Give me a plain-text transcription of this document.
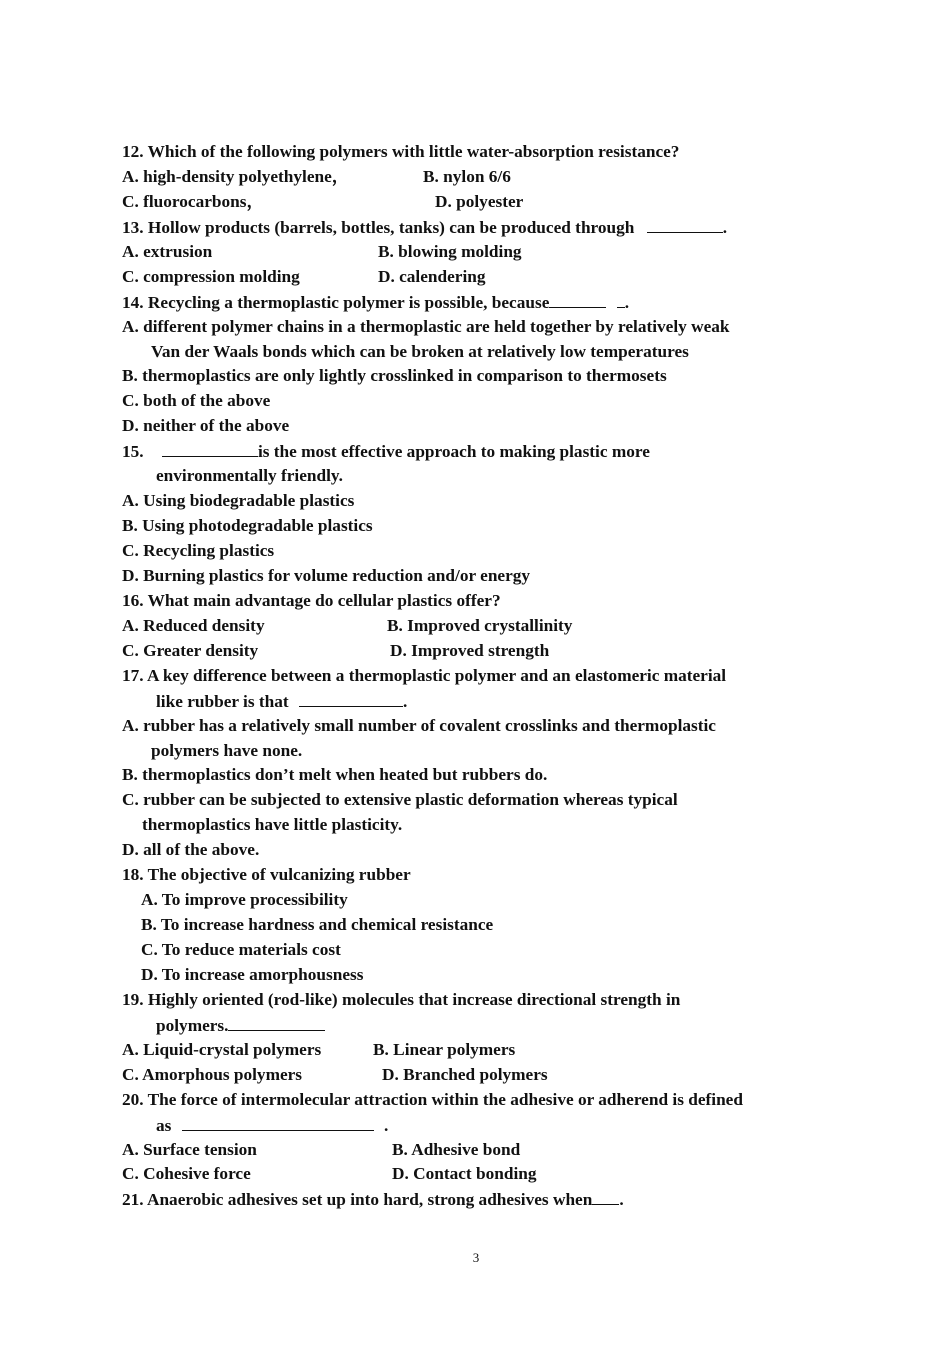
12. Which of the following polymers with little water-absorption resistance?
A. high-density polyethylene，	B. nylon 6/6
C. fluorocarbons，	D. polyester
13. Hollow products (barrels, bottles, tanks) can be produced through	.
A. extrusion	B. blowing molding
C. compression molding	D. calendering
14. Recycling a thermoplastic polymer is possible, because	.
A. different polymer chains in a thermoplastic are held together by relatively weak
Van der Waals bonds which can be broken at relatively low temperatures
B. thermoplastics are only lightly crosslinked in comparison to thermosets
C. both of the above
D. neither of the above
15.	is the most effective approach to making plastic more
environmentally friendly.
A. Using biodegradable plastics
B. Using photodegradable plastics
C. Recycling plastics
D. Burning plastics for volume reduction and/or energy
16. What main advantage do cellular plastics offer?
A. Reduced density	B. Improved crystallinity
C. Greater density	D. Improved strength
17. A key difference between a thermoplastic polymer and an elastomeric material
like rubber is that	.
A. rubber has a relatively small number of covalent crosslinks and thermoplastic
polymers have none.
B. thermoplastics don’t melt when heated but rubbers do.
C. rubber can be subjected to extensive plastic deformation whereas typical
thermoplastics have little plasticity.
D. all of the above.
18. The objective of vulcanizing rubber
A. To improve processibility
B. To increase hardness and chemical resistance
C. To reduce materials cost
D. To increase amorphousness
19. Highly oriented (rod-like) molecules that increase directional strength in
polymers.
A. Liquid-crystal polymers	B. Linear polymers
C. Amorphous polymers	D. Branched polymers
20. The force of intermolecular attraction within the adhesive or adherend is defined
as	.
A. Surface tension	B. Adhesive bond
C. Cohesive force	D. Contact bonding
21. Anaerobic adhesives set up into hard, strong adhesives when .
3
